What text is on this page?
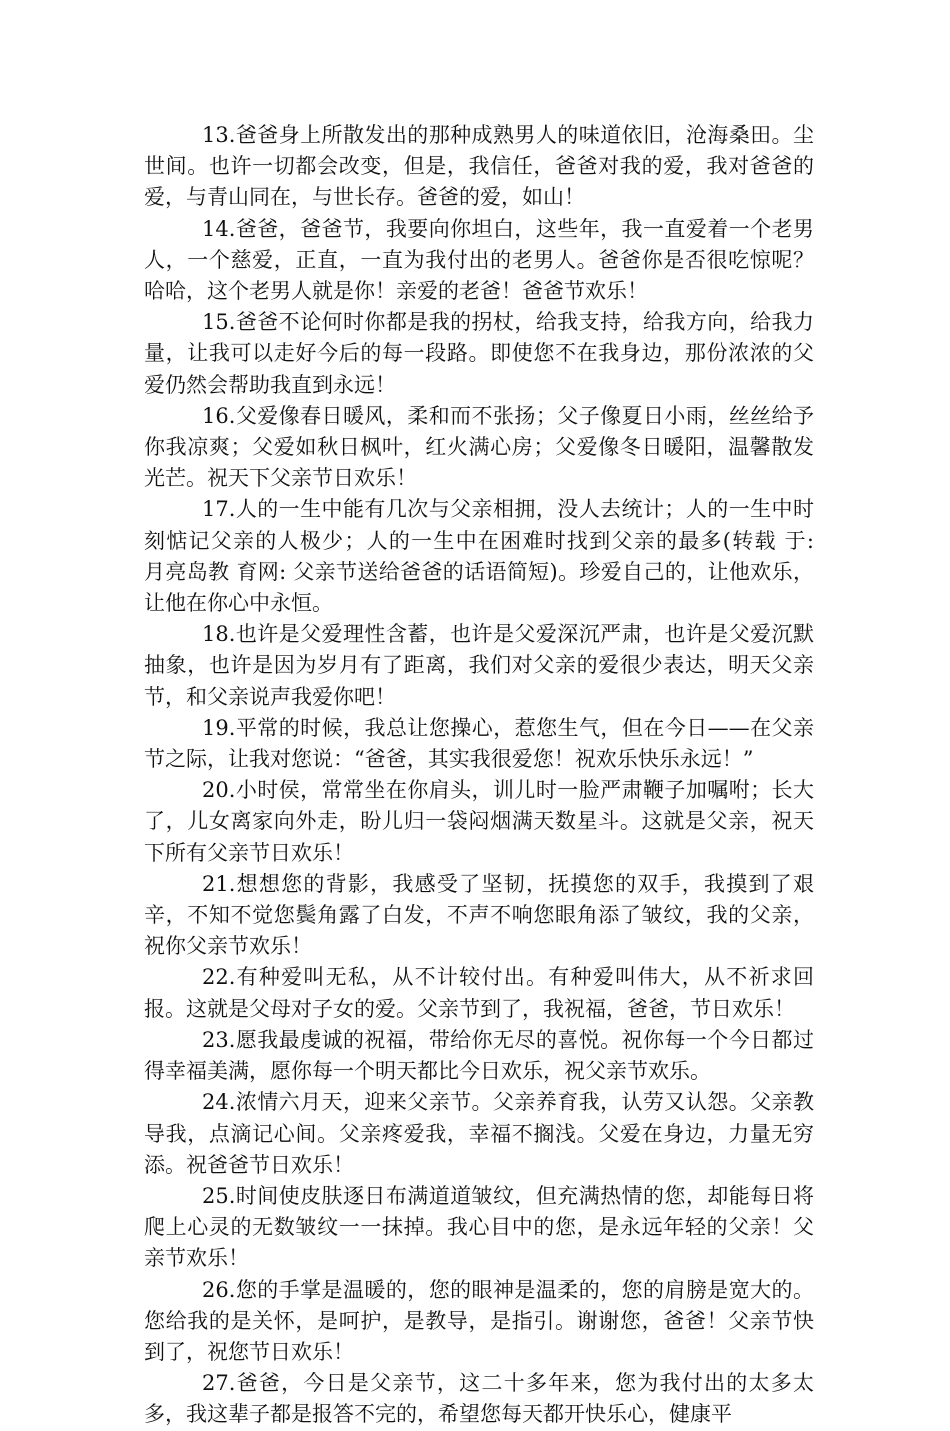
13.爸爸身上所散发出的那种成熟男人的味道依旧，沧海桑田。尘世间。也许一切都会改变，但是，我信任，爸爸对我的爱，我对爸爸的爱，与青山同在，与世长存。爸爸的爱，如山！

14.爸爸，爸爸节，我要向你坦白，这些年，我一直爱着一个老男人，一个慈爱，正直，一直为我付出的老男人。爸爸你是否很吃惊呢？哈哈，这个老男人就是你！亲爱的老爸！爸爸节欢乐！

15.爸爸不论何时你都是我的拐杖，给我支持，给我方向，给我力量，让我可以走好今后的每一段路。即使您不在我身边，那份浓浓的父爱仍然会帮助我直到永远！

16.父爱像春日暖风，柔和而不张扬；父子像夏日小雨，丝丝给予你我凉爽；父爱如秋日枫叶，红火满心房；父爱像冬日暖阳，温馨散发光芒。祝天下父亲节日欢乐！

17.人的一生中能有几次与父亲相拥，没人去统计；人的一生中时刻惦记父亲的人极少；人的一生中在困难时找到父亲的最多(转载 于:　 月亮岛教 育网: 父亲节送给爸爸的话语简短)。珍爱自己的，让他欢乐，让他在你心中永恒。

18.也许是父爱理性含蓄，也许是父爱深沉严肃，也许是父爱沉默抽象，也许是因为岁月有了距离，我们对父亲的爱很少表达，明天父亲节，和父亲说声我爱你吧！

19.平常的时候，我总让您操心，惹您生气，但在今日——在父亲节之际，让我对您说：“爸爸，其实我很爱您！祝欢乐快乐永远！”

20.小时侯，常常坐在你肩头，训儿时一脸严肃鞭子加嘱咐；长大了，儿女离家向外走，盼儿归一袋闷烟满天数星斗。这就是父亲，祝天下所有父亲节日欢乐！

21.想想您的背影，我感受了坚韧，抚摸您的双手，我摸到了艰辛，不知不觉您鬓角露了白发，不声不响您眼角添了皱纹，我的父亲，祝你父亲节欢乐！

22.有种爱叫无私，从不计较付出。有种爱叫伟大，从不祈求回报。这就是父母对子女的爱。父亲节到了，我祝福，爸爸，节日欢乐！

23.愿我最虔诚的祝福，带给你无尽的喜悦。祝你每一个今日都过得幸福美满，愿你每一个明天都比今日欢乐，祝父亲节欢乐。

24.浓情六月天，迎来父亲节。父亲养育我，认劳又认怨。父亲教导我，点滴记心间。父亲疼爱我，幸福不搁浅。父爱在身边，力量无穷添。祝爸爸节日欢乐！

25.时间使皮肤逐日布满道道皱纹，但充满热情的您，却能每日将爬上心灵的无数皱纹一一抹掉。我心目中的您，是永远年轻的父亲！父亲节欢乐！

26.您的手掌是温暖的，您的眼神是温柔的，您的肩膀是宽大的。您给我的是关怀，是呵护，是教导，是指引。谢谢您，爸爸！父亲节快到了，祝您节日欢乐！

27.爸爸，今日是父亲节，这二十多年来，您为我付出的太多太多，我这辈子都是报答不完的，希望您每天都开快乐心，健康平
